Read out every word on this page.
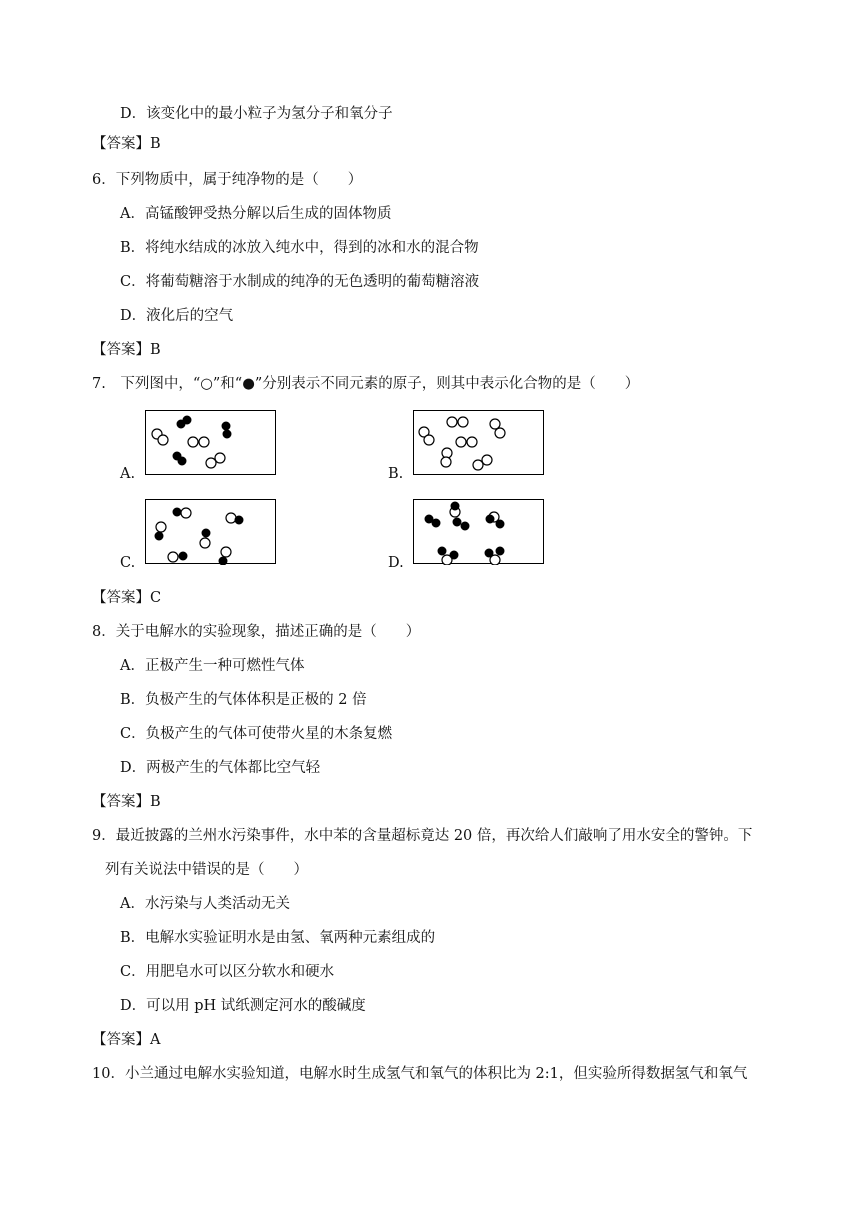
D．该变化中的最小粒子为氢分子和氧分子
【答案】B
6．下列物质中，属于纯净物的是（　　）
A．高锰酸钾受热分解以后生成的固体物质
B．将纯水结成的冰放入纯水中，得到的冰和水的混合物
C．将葡萄糖溶于水制成的纯净的无色透明的葡萄糖溶液
D．液化后的空气
【答案】B
7.　下列图中，“○”和“●”分别表示不同元素的原子，则其中表示化合物的是（　　）
A.	B.
C.	D.
【答案】C
8．关于电解水的实验现象，描述正确的是（　　）
A．正极产生一种可燃性气体
B．负极产生的气体体积是正极的 2 倍
C．负极产生的气体可使带火星的木条复燃
D．两极产生的气体都比空气轻
【答案】B
9．最近披露的兰州水污染事件，水中苯的含量超标竟达 20 倍，再次给人们敲响了用水安全的警钟。下
列有关说法中错误的是（　　）
A．水污染与人类活动无关
B．电解水实验证明水是由氢、氧两种元素组成的
C．用肥皂水可以区分软水和硬水
D．可以用 pH 试纸测定河水的酸碱度
【答案】A
10．小兰通过电解水实验知道，电解水时生成氢气和氧气的体积比为 2:1，但实验所得数据氢气和氧气
